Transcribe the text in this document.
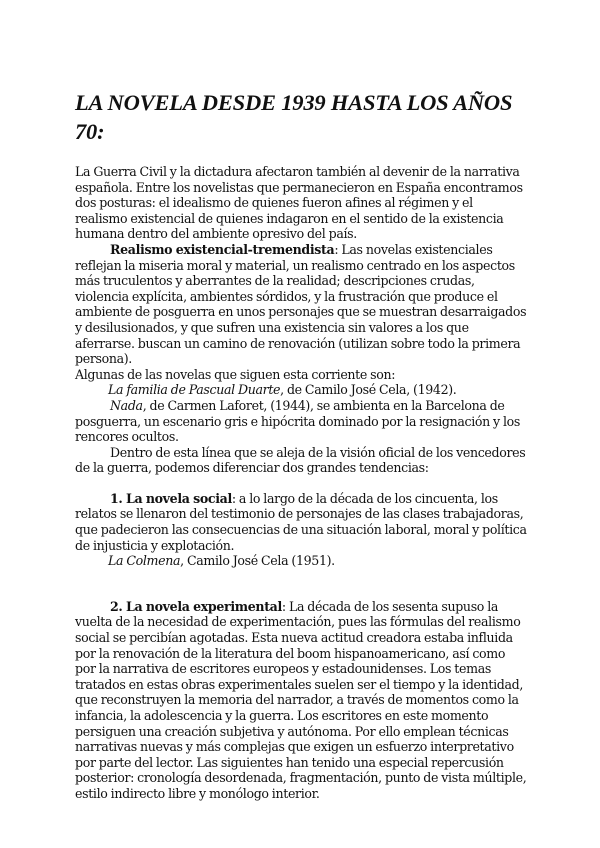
LA NOVELA DESDE 1939 HASTA LOS AÑOS 70:

La Guerra Civil y la dictadura afectaron también al devenir de la narrativa española. Entre los novelistas que permanecieron en España encontramos dos posturas: el idealismo de quienes fueron afines al régimen y el realismo existencial de quienes indagaron en el sentido de la existencia humana dentro del ambiente opresivo del país.

Realismo existencial-tremendista: Las novelas existenciales reflejan la miseria moral y material, un realismo centrado en los aspectos más truculentos y aberrantes de la realidad; descripciones crudas, violencia explícita, ambientes sórdidos, y la frustración que produce el ambiente de posguerra en unos personajes que se muestran desarraigados y desilusionados, y que sufren una existencia sin valores a los que aferrarse. buscan un camino de renovación (utilizan sobre todo la primera persona).

Algunas de las novelas que siguen esta corriente son:

La familia de Pascual Duarte, de Camilo José Cela, (1942).

Nada, de Carmen Laforet, (1944), se ambienta en la Barcelona de posguerra, un escenario gris e hipócrita dominado por la resignación y los rencores ocultos.

Dentro de esta línea que se aleja de la visión oficial de los vencedores de la guerra, podemos diferenciar dos grandes tendencias:

1. La novela social: a lo largo de la década de los cincuenta, los relatos se llenaron del testimonio de personajes de las clases trabajadoras, que padecieron las consecuencias de una situación laboral, moral y política de injusticia y explotación.

La Colmena, Camilo José Cela (1951).

2. La novela experimental: La década de los sesenta supuso la vuelta de la necesidad de experimentación, pues las fórmulas del realismo social se percibían agotadas. Esta nueva actitud creadora estaba influida por la renovación de la literatura del boom hispanoamericano, así como por la narrativa de escritores europeos y estadounidenses. Los temas tratados en estas obras experimentales suelen ser el tiempo y la identidad, que reconstruyen la memoria del narrador, a través de momentos como la infancia, la adolescencia y la guerra. Los escritores en este momento persiguen una creación subjetiva y autónoma. Por ello emplean técnicas narrativas nuevas y más complejas que exigen un esfuerzo interpretativo por parte del lector. Las siguientes han tenido una especial repercusión posterior: cronología desordenada, fragmentación, punto de vista múltiple, estilo indirecto libre y monólogo interior.
